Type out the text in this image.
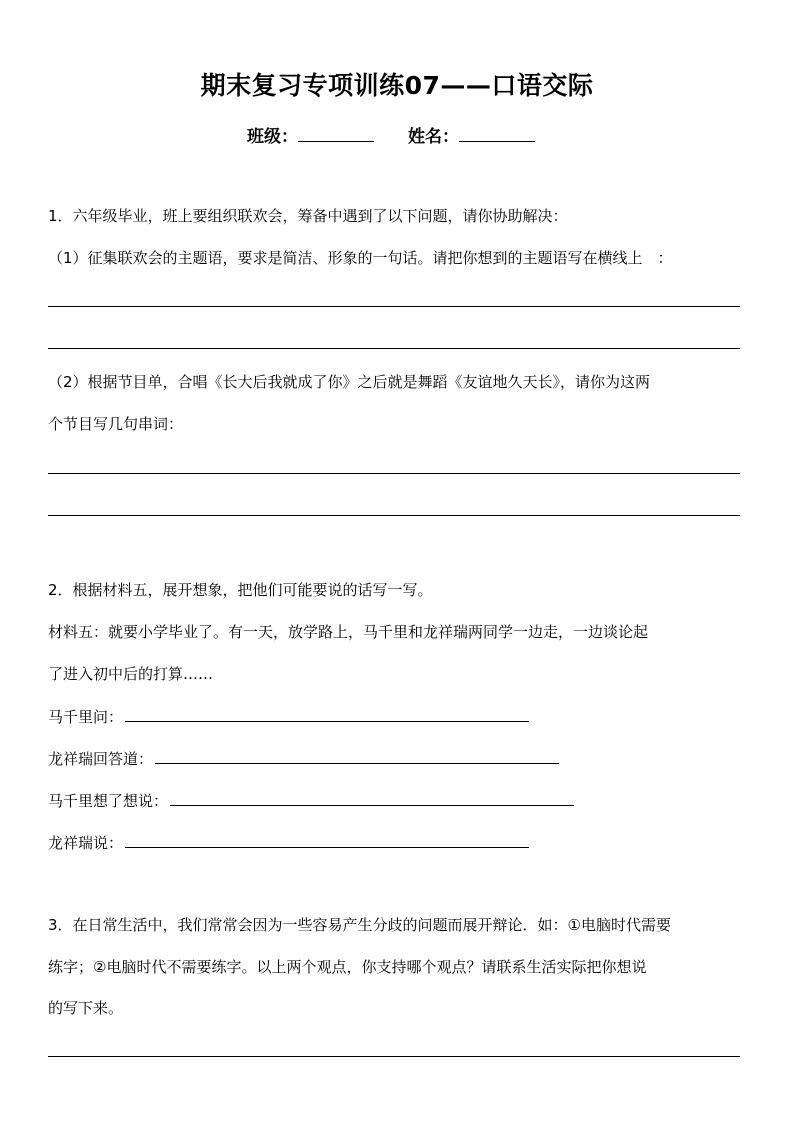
期末复习专项训练07——口语交际
班级：	姓名：
1．六年级毕业，班上要组织联欢会，筹备中遇到了以下问题，请你协助解决：
（1）征集联欢会的主题语，要求是简洁、形象的一句话。请把你想到的主题语写在横线上　：
（2）根据节目单，合唱《长大后我就成了你》之后就是舞蹈《友谊地久天长》，请你为这两
个节目写几句串词：
2．根据材料五，展开想象，把他们可能要说的话写一写。
材料五：就要小学毕业了。有一天，放学路上，马千里和龙祥瑞两同学一边走，一边谈论起
了进入初中后的打算……
马千里问：
龙祥瑞回答道：
马千里想了想说：
龙祥瑞说：
3．在日常生活中，我们常常会因为一些容易产生分歧的问题而展开辩论．如：①电脑时代需要
练字；②电脑时代不需要练字。以上两个观点，你支持哪个观点？请联系生活实际把你想说
的写下来。
